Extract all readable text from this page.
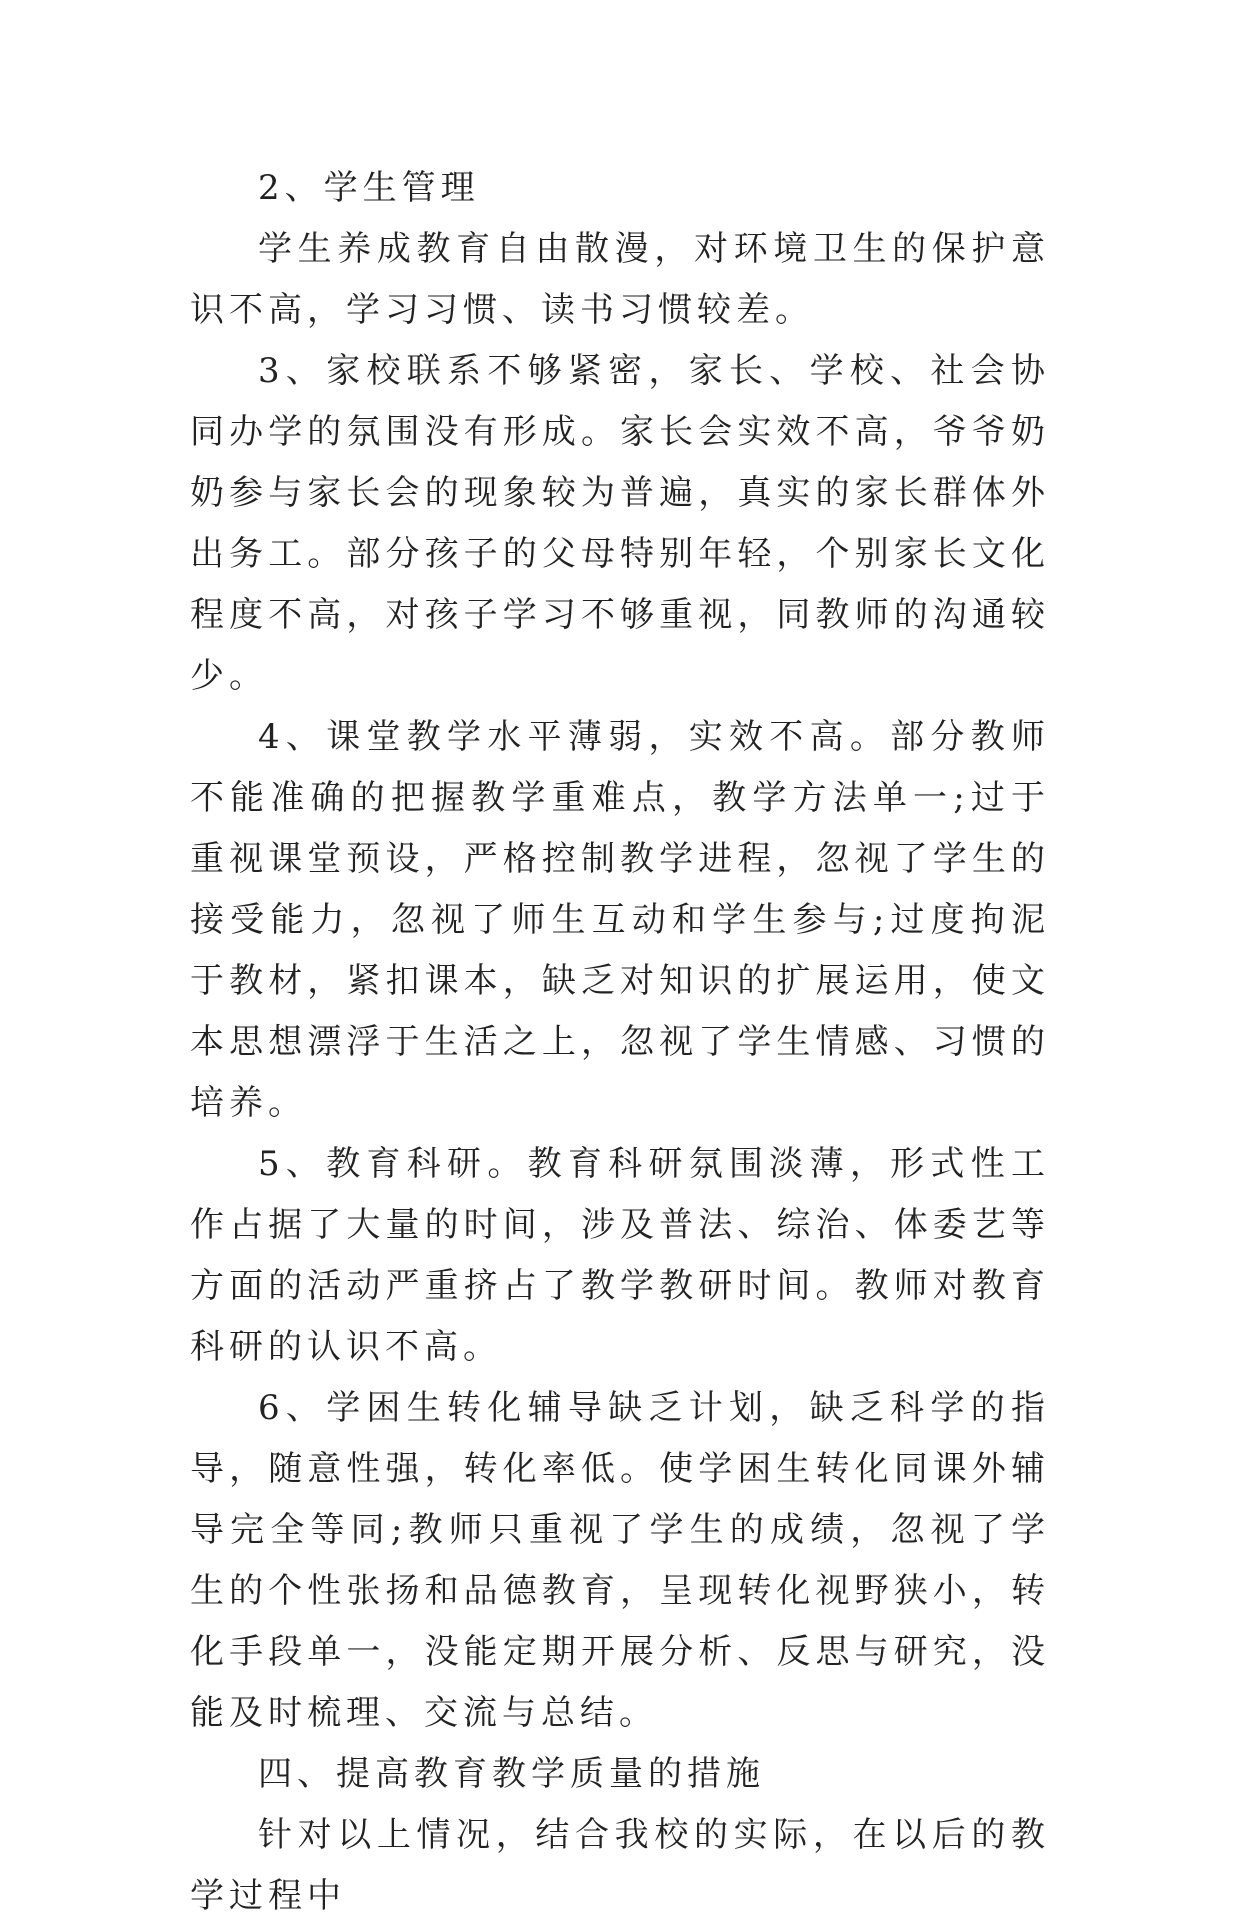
2、学生管理

学生养成教育自由散漫，对环境卫生的保护意识不高，学习习惯、读书习惯较差。

3、家校联系不够紧密，家长、学校、社会协同办学的氛围没有形成。家长会实效不高，爷爷奶奶参与家长会的现象较为普遍，真实的家长群体外出务工。部分孩子的父母特别年轻，个别家长文化程度不高，对孩子学习不够重视，同教师的沟通较少。

4、课堂教学水平薄弱，实效不高。部分教师不能准确的把握教学重难点，教学方法单一;过于重视课堂预设，严格控制教学进程，忽视了学生的接受能力，忽视了师生互动和学生参与;过度拘泥于教材，紧扣课本，缺乏对知识的扩展运用，使文本思想漂浮于生活之上，忽视了学生情感、习惯的培养。

5、教育科研。教育科研氛围淡薄，形式性工作占据了大量的时间，涉及普法、综治、体委艺等方面的活动严重挤占了教学教研时间。教师对教育科研的认识不高。

6、学困生转化辅导缺乏计划，缺乏科学的指导，随意性强，转化率低。使学困生转化同课外辅导完全等同;教师只重视了学生的成绩，忽视了学生的个性张扬和品德教育，呈现转化视野狭小，转化手段单一，没能定期开展分析、反思与研究，没能及时梳理、交流与总结。

四、提高教育教学质量的措施

针对以上情况，结合我校的实际，在以后的教学过程中
